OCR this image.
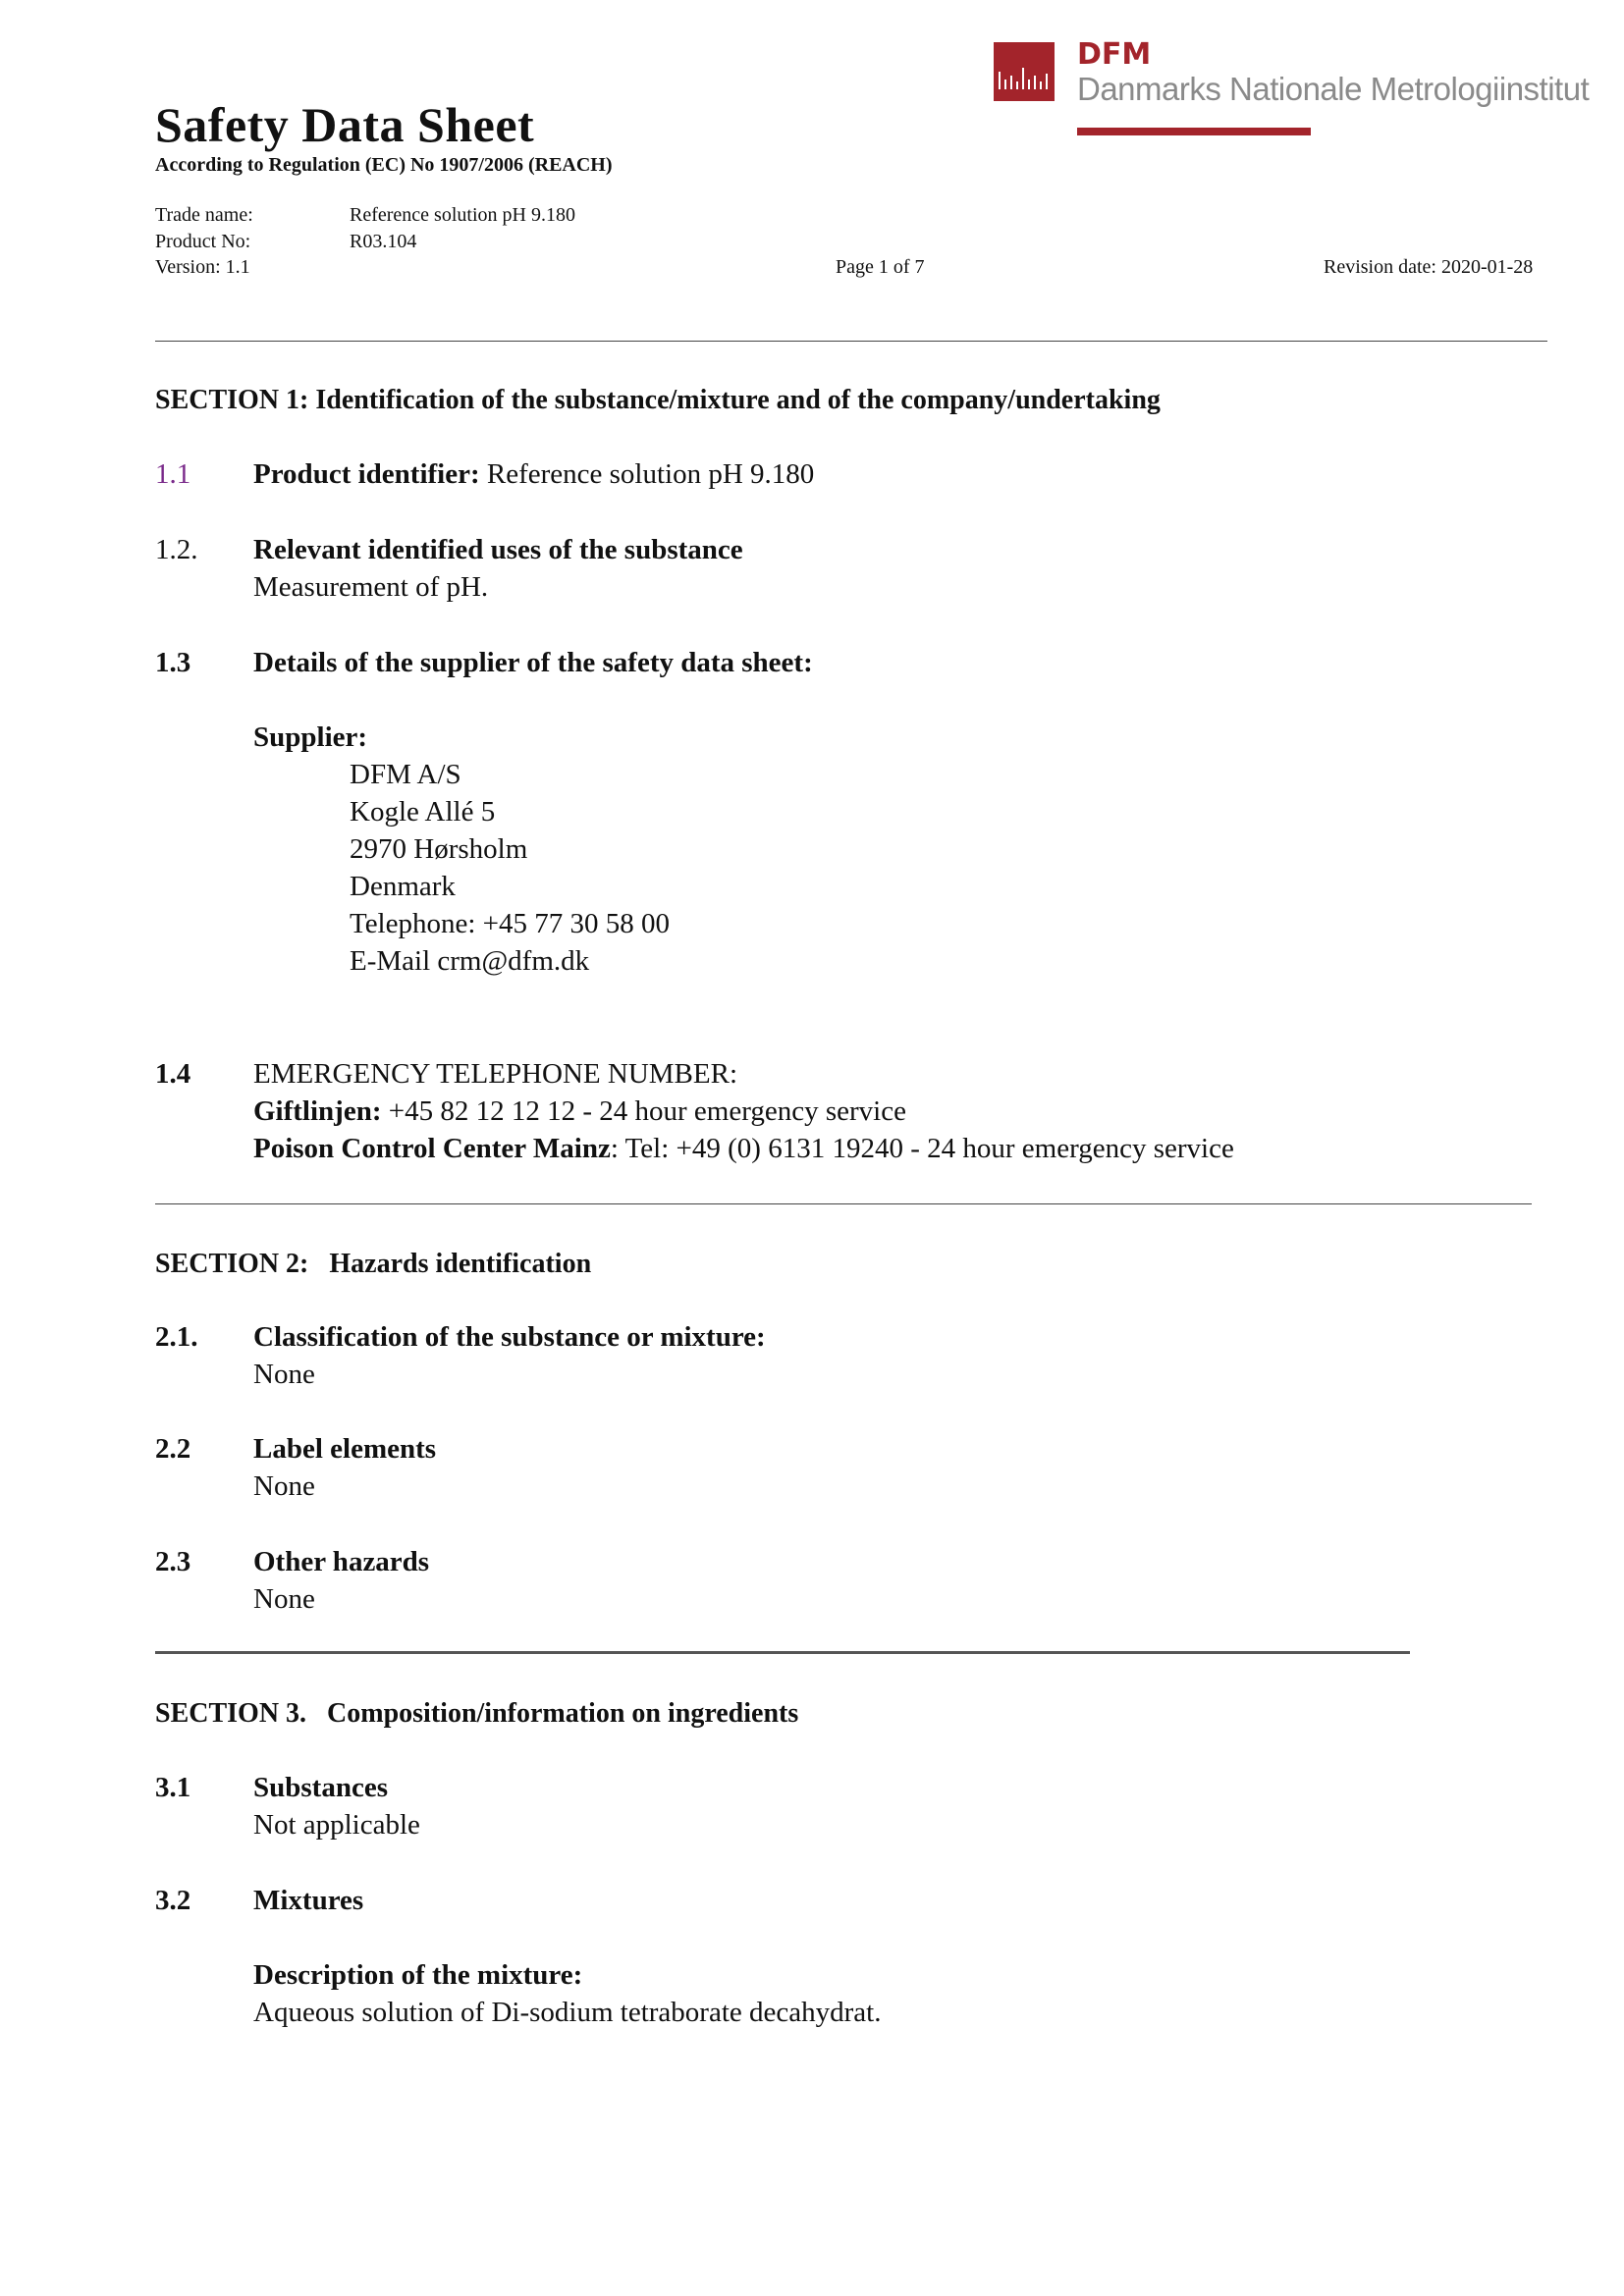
Safety Data Sheet
According to Regulation (EC) No 1907/2006 (REACH)
Trade name:	Reference solution pH 9.180
Product No:	R03.104
Version: 1.1	Page 1 of 7	Revision date: 2020-01-28
DFM
Danmarks Nationale Metrologiinstitut
SECTION 1: Identification of the substance/mixture and of the company/undertaking
1.1 Product identifier: Reference solution pH 9.180
1.2. Relevant identified uses of the substance
Measurement of pH.
1.3 Details of the supplier of the safety data sheet:
Supplier:
DFM A/S
Kogle Allé 5
2970 Hørsholm
Denmark
Telephone: +45 77 30 58 00
E-Mail crm@dfm.dk
1.4 EMERGENCY TELEPHONE NUMBER:
Giftlinjen: +45 82 12 12 12 - 24 hour emergency service
Poison Control Center Mainz: Tel: +49 (0) 6131 19240 - 24 hour emergency service
SECTION 2: Hazards identification
2.1. Classification of the substance or mixture:
None
2.2 Label elements
None
2.3 Other hazards
None
SECTION 3. Composition/information on ingredients
3.1 Substances
Not applicable
3.2 Mixtures
Description of the mixture:
Aqueous solution of Di-sodium tetraborate decahydrat.
